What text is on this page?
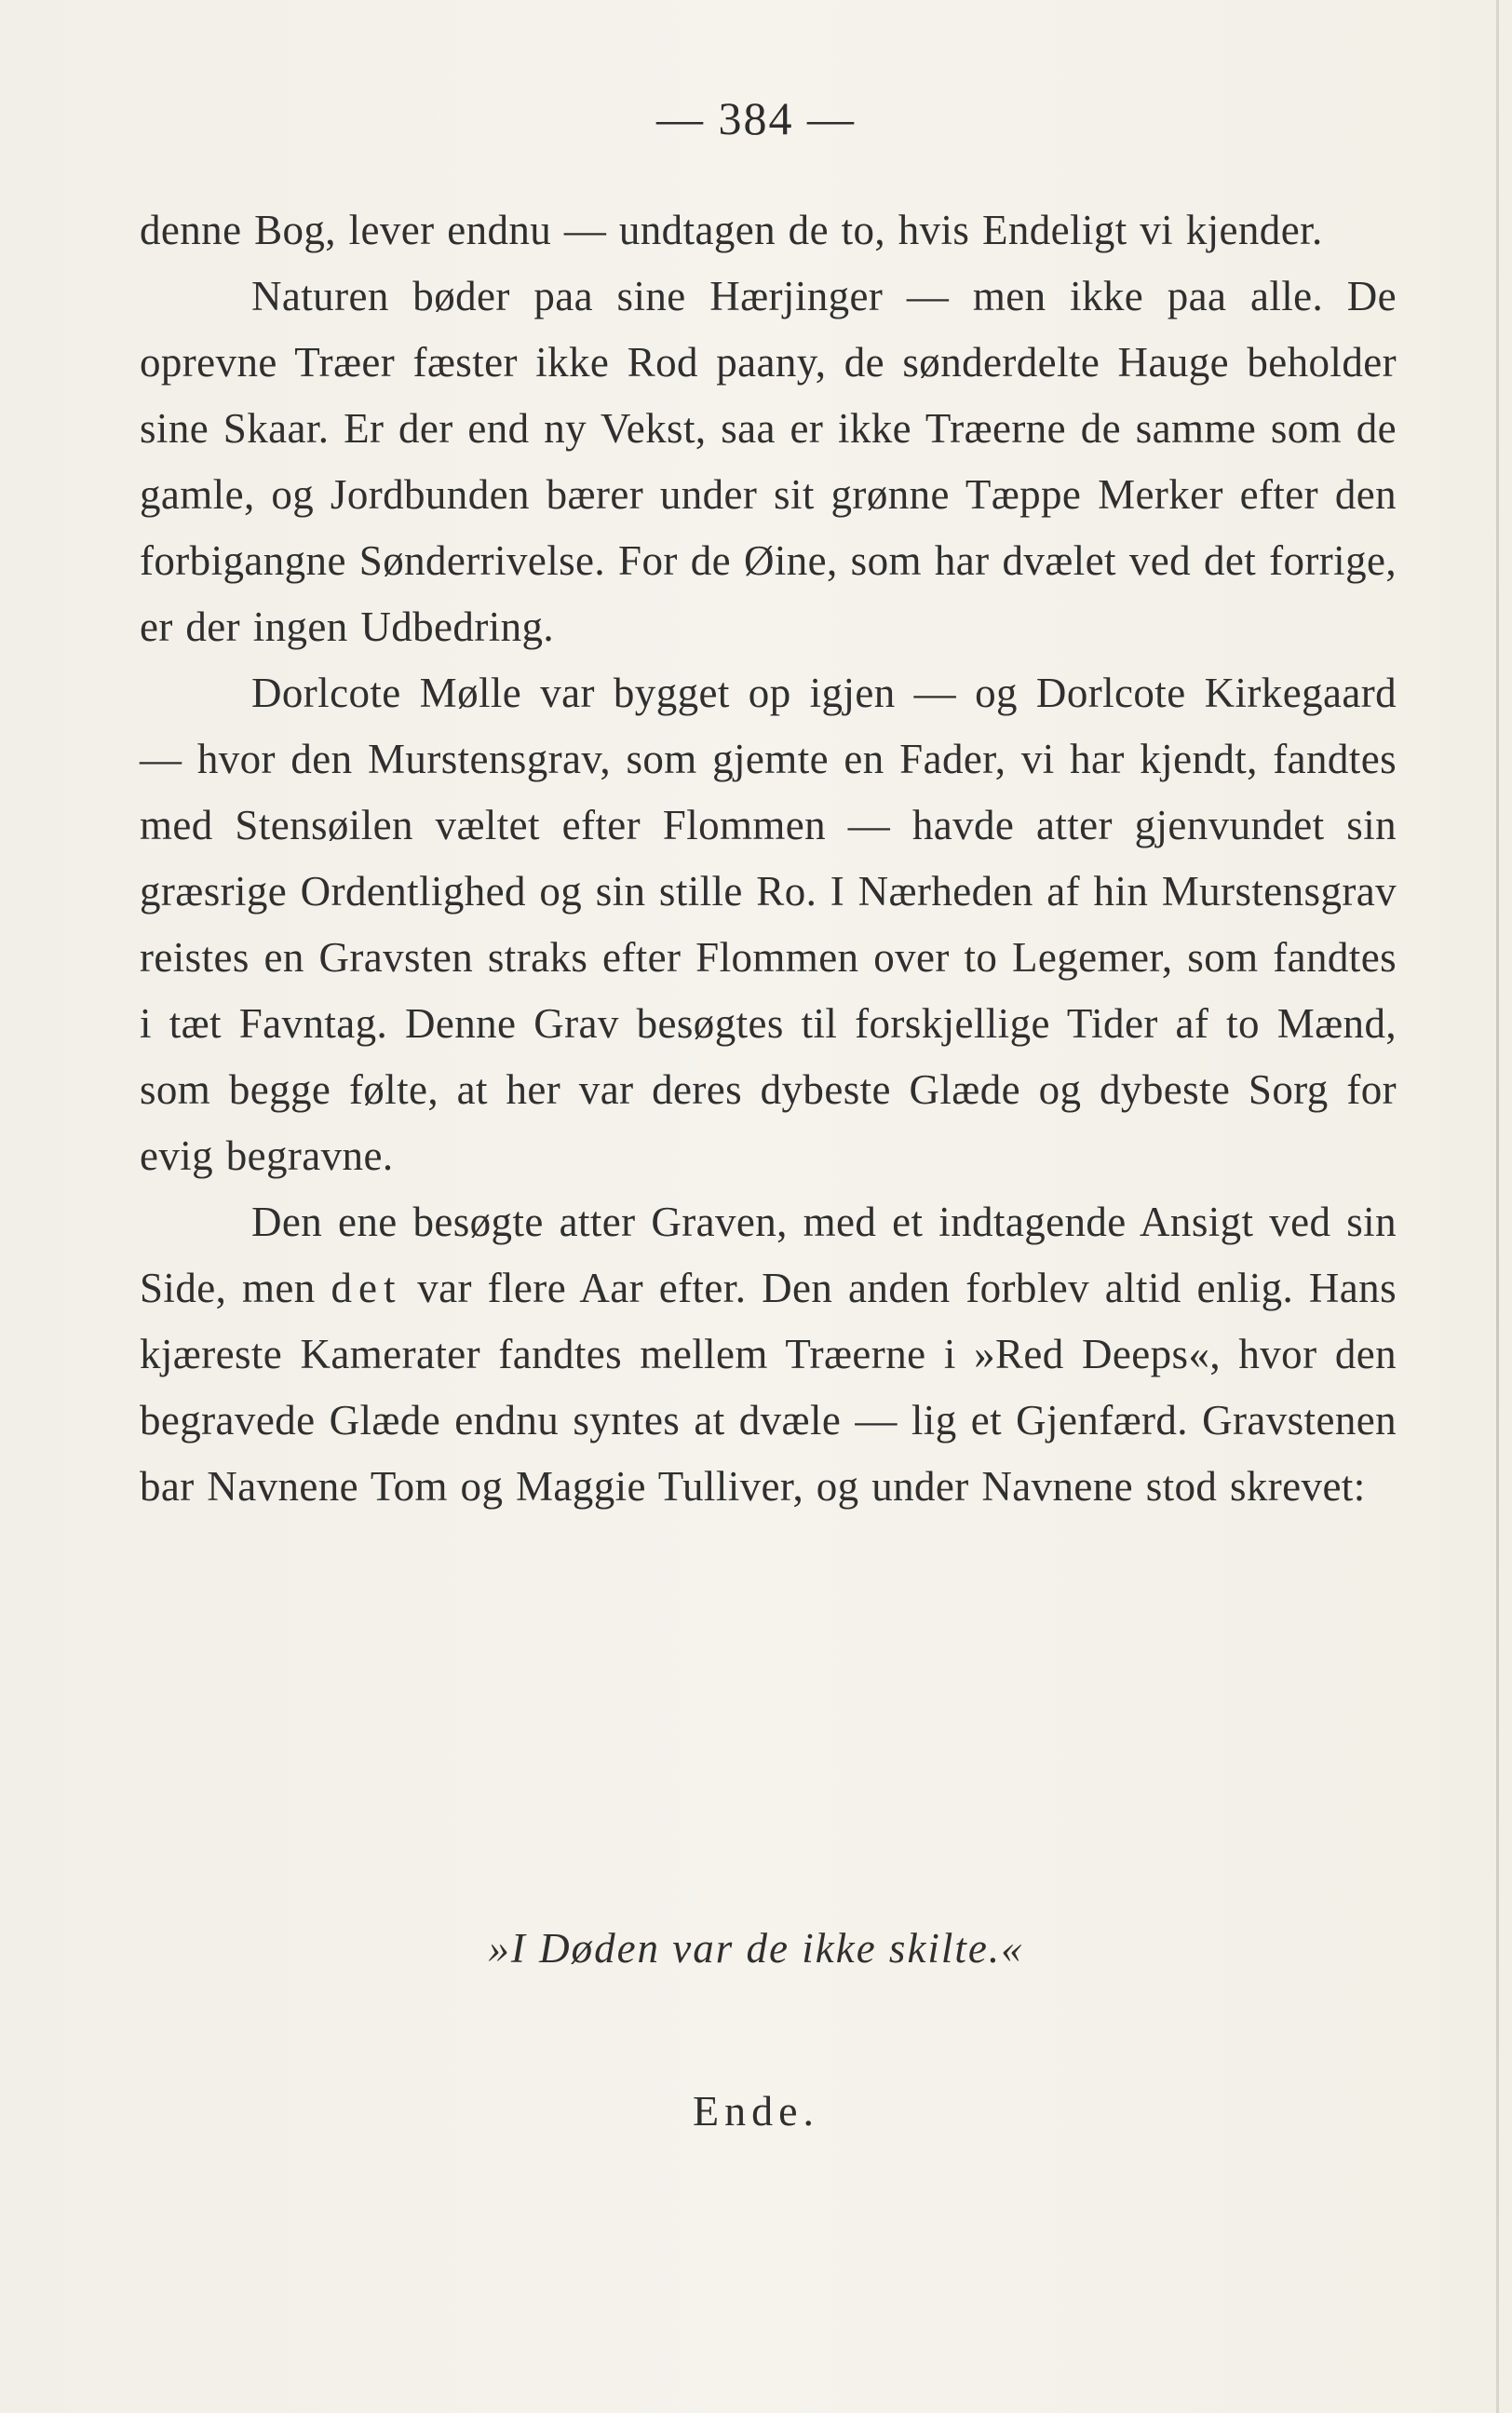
— 384 —

denne Bog, lever endnu — undtagen de to, hvis Endeligt vi kjender.

Naturen bøder paa sine Hærjinger — men ikke paa alle. De oprevne Træer fæster ikke Rod paany, de sønderdelte Hauge beholder sine Skaar. Er der end ny Vekst, saa er ikke Træerne de samme som de gamle, og Jordbunden bærer under sit grønne Tæppe Merker efter den forbigangne Sønderrivelse. For de Øine, som har dvælet ved det forrige, er der ingen Udbedring.

Dorlcote Mølle var bygget op igjen — og Dorlcote Kirkegaard — hvor den Murstensgrav, som gjemte en Fader, vi har kjendt, fandtes med Stensøilen væltet efter Flommen — havde atter gjenvundet sin græsrige Ordentlighed og sin stille Ro. I Nærheden af hin Murstensgrav reistes en Gravsten straks efter Flommen over to Legemer, som fandtes i tæt Favntag. Denne Grav besøgtes til forskjellige Tider af to Mænd, som begge følte, at her var deres dybeste Glæde og dybeste Sorg for evig begravne.

Den ene besøgte atter Graven, med et indtagende Ansigt ved sin Side, men det var flere Aar efter. Den anden forblev altid enlig. Hans kjæreste Kamerater fandtes mellem Træerne i »Red Deeps«, hvor den begravede Glæde endnu syntes at dvæle — lig et Gjenfærd. Gravstenen bar Navnene Tom og Maggie Tulliver, og under Navnene stod skrevet:

»I Døden var de ikke skilte.«
Ende.
